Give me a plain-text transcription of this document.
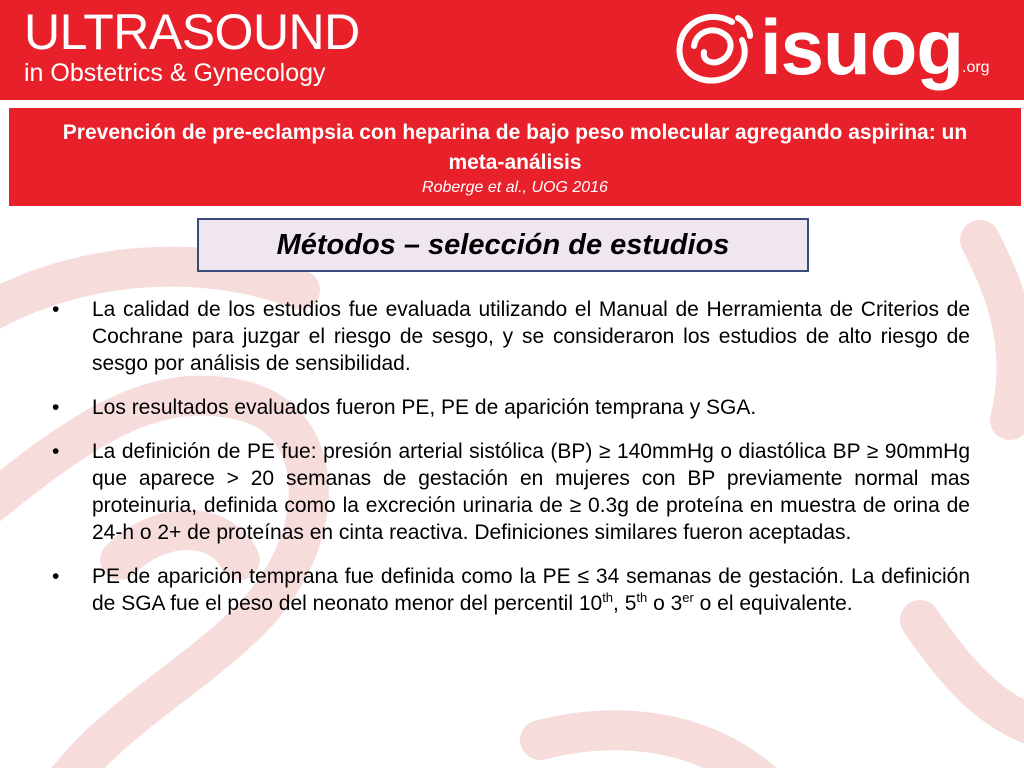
ULTRASOUND

in Obstetrics & Gynecology	isuog .org

Prevención de pre-eclampsia con heparina de bajo peso molecular agregando aspirina: un meta-análisis

Roberge et al., UOG 2016

Métodos – selección de estudios

•	La calidad de los estudios fue evaluada utilizando el Manual de Herramienta de Criterios de Cochrane para juzgar el riesgo de sesgo, y se consideraron los estudios de alto riesgo de sesgo por análisis de sensibilidad.
•	Los resultados evaluados fueron PE, PE de aparición temprana y SGA.
•	La definición de PE fue: presión arterial sistólica (BP) ≥ 140mmHg o diastólica BP ≥ 90mmHg que aparece > 20 semanas de gestación en mujeres con BP previamente normal mas proteinuria, definida como la excreción urinaria de ≥ 0.3g de proteína en muestra de orina de 24-h o 2+ de proteínas en cinta reactiva. Definiciones similares fueron aceptadas.
•	PE de aparición temprana fue definida como la PE ≤ 34 semanas de gestación. La definición de SGA fue el peso del neonato menor del percentil 10th, 5th o 3er o el equivalente.
